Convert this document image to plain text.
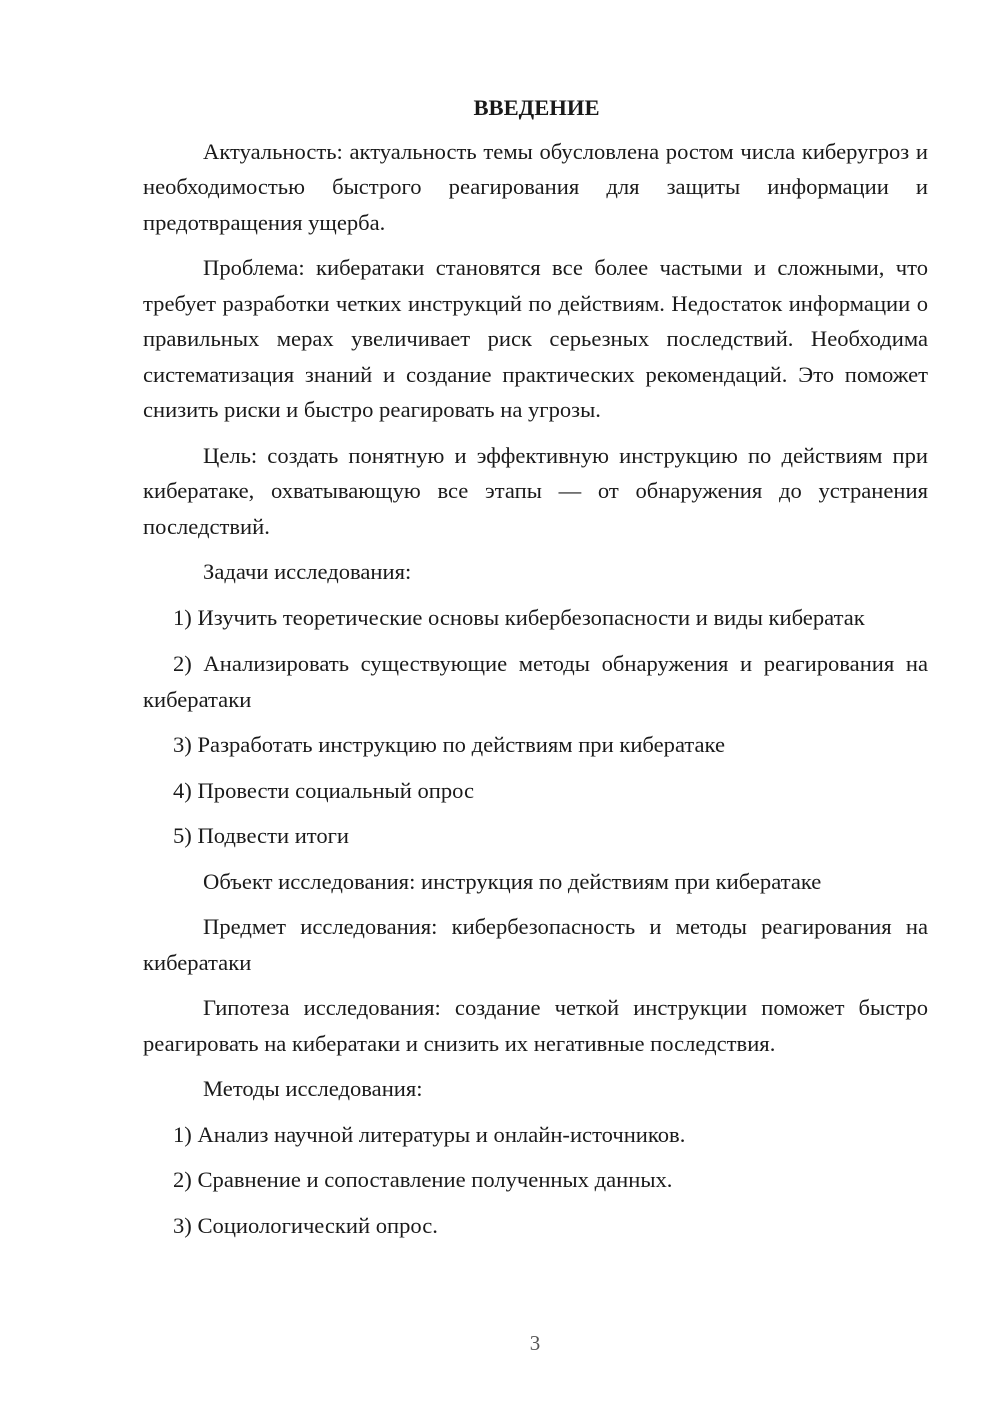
ВВЕДЕНИЕ

Актуальность: актуальность темы обусловлена ростом числа киберугроз и необходимостью быстрого реагирования для защиты информации и предотвращения ущерба.

Проблема: кибератаки становятся все более частыми и сложными, что требует разработки четких инструкций по действиям. Недостаток информации о правильных мерах увеличивает риск серьезных последствий. Необходима систематизация знаний и создание практических рекомендаций. Это поможет снизить риски и быстро реагировать на угрозы.

Цель: создать понятную и эффективную инструкцию по действиям при кибератаке, охватывающую все этапы — от обнаружения до устранения последствий.

Задачи исследования:

1) Изучить теоретические основы кибербезопасности и виды кибератак

2) Анализировать существующие методы обнаружения и реагирования на кибератаки

3) Разработать инструкцию по действиям при кибератаке

4) Провести социальный опрос

5) Подвести итоги

Объект исследования: инструкция по действиям при кибератаке

Предмет исследования: кибербезопасность и методы реагирования на кибератаки

Гипотеза исследования: создание четкой инструкции поможет быстро реагировать на кибератаки и снизить их негативные последствия.

Методы исследования:

1) Анализ научной литературы и онлайн-источников.

2) Сравнение и сопоставление полученных данных.

3) Социологический опрос.

3
